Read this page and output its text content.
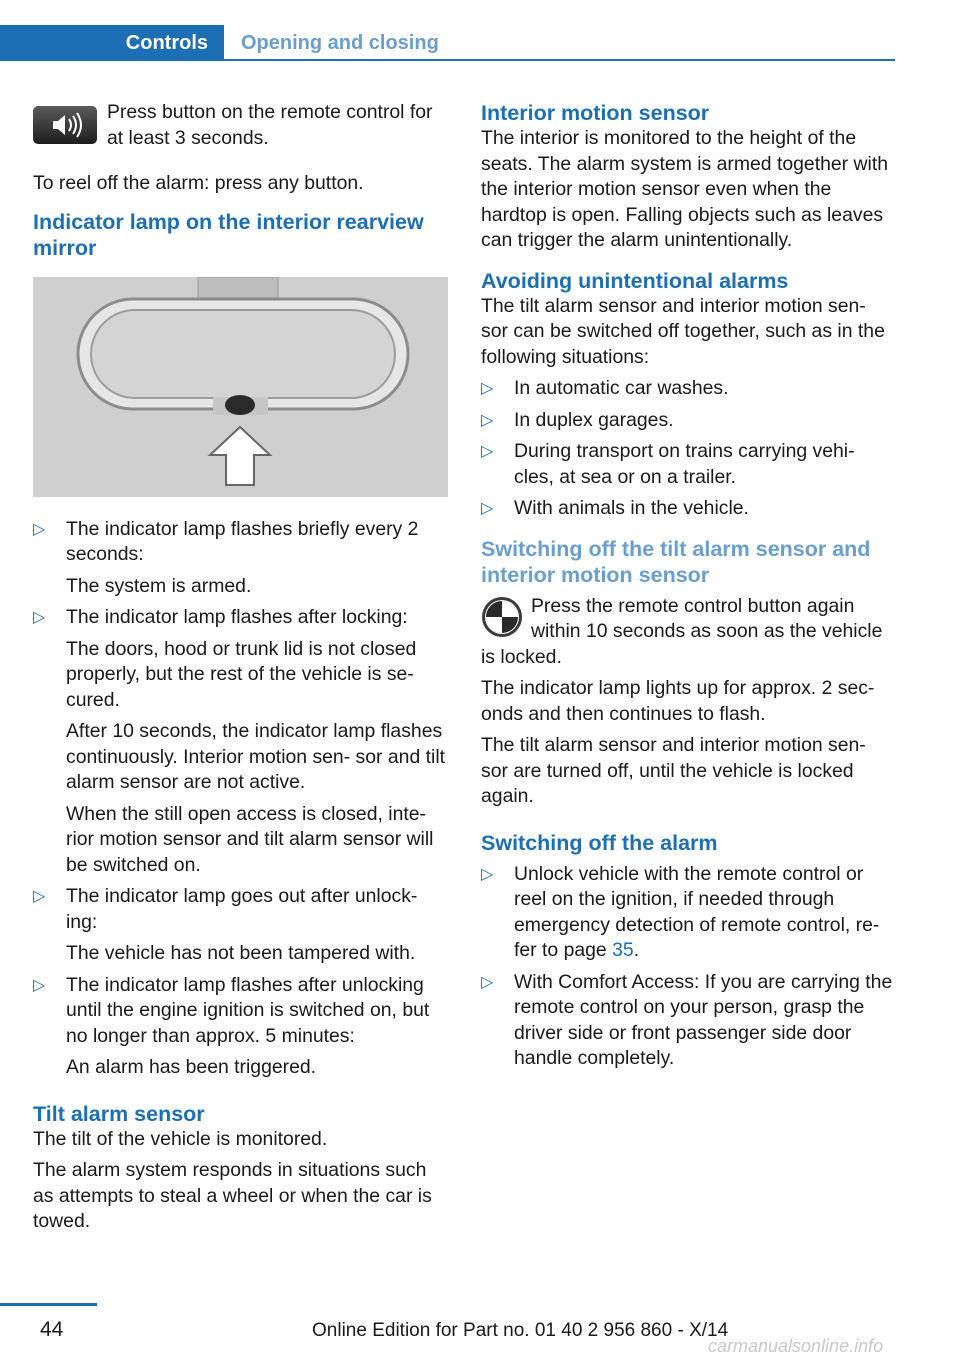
Controls	Opening and closing

Press button on the remote control for at least 3 seconds.

To reel off the alarm: press any button.

Indicator lamp on the interior rearview mirror
▷ The indicator lamp flashes briefly every 2 seconds:

The system is armed.

▷ The indicator lamp flashes after locking:

The doors, hood or trunk lid is not closed properly, but the rest of the vehicle is se‐ cured.

After 10 seconds, the indicator lamp flashes continuously. Interior motion sen‐ sor and tilt alarm sensor are not active.

When the still open access is closed, inte‐ rior motion sensor and tilt alarm sensor will be switched on.

▷ The indicator lamp goes out after unlock‐ ing:

The vehicle has not been tampered with.

▷ The indicator lamp flashes after unlocking until the engine ignition is switched on, but no longer than approx. 5 minutes:

An alarm has been triggered.

Tilt alarm sensor

The tilt of the vehicle is monitored.

The alarm system responds in situations such as attempts to steal a wheel or when the car is towed.

Interior motion sensor

The interior is monitored to the height of the seats. The alarm system is armed together with the interior motion sensor even when the hardtop is open. Falling objects such as leaves can trigger the alarm unintentionally.

Avoiding unintentional alarms

The tilt alarm sensor and interior motion sen‐ sor can be switched off together, such as in the following situations:

▷ In automatic car washes.
▷ In duplex garages.
▷ During transport on trains carrying vehi‐ cles, at sea or on a trailer.
▷ With animals in the vehicle.
Switching off the tilt alarm sensor and interior motion sensor

Press the remote control button again within 10 seconds as soon as the vehicle is locked.

The indicator lamp lights up for approx. 2 sec‐ onds and then continues to flash.

The tilt alarm sensor and interior motion sen‐ sor are turned off, until the vehicle is locked again.

Switching off the alarm
▷ Unlock vehicle with the remote control or reel on the ignition, if needed through emergency detection of remote control, re‐ fer to page 35.
▷ With Comfort Access: If you are carrying the remote control on your person, grasp the driver side or front passenger side door handle completely.
44	Online Edition for Part no. 01 40 2 956 860 - X/14
carmanualsonline.info
